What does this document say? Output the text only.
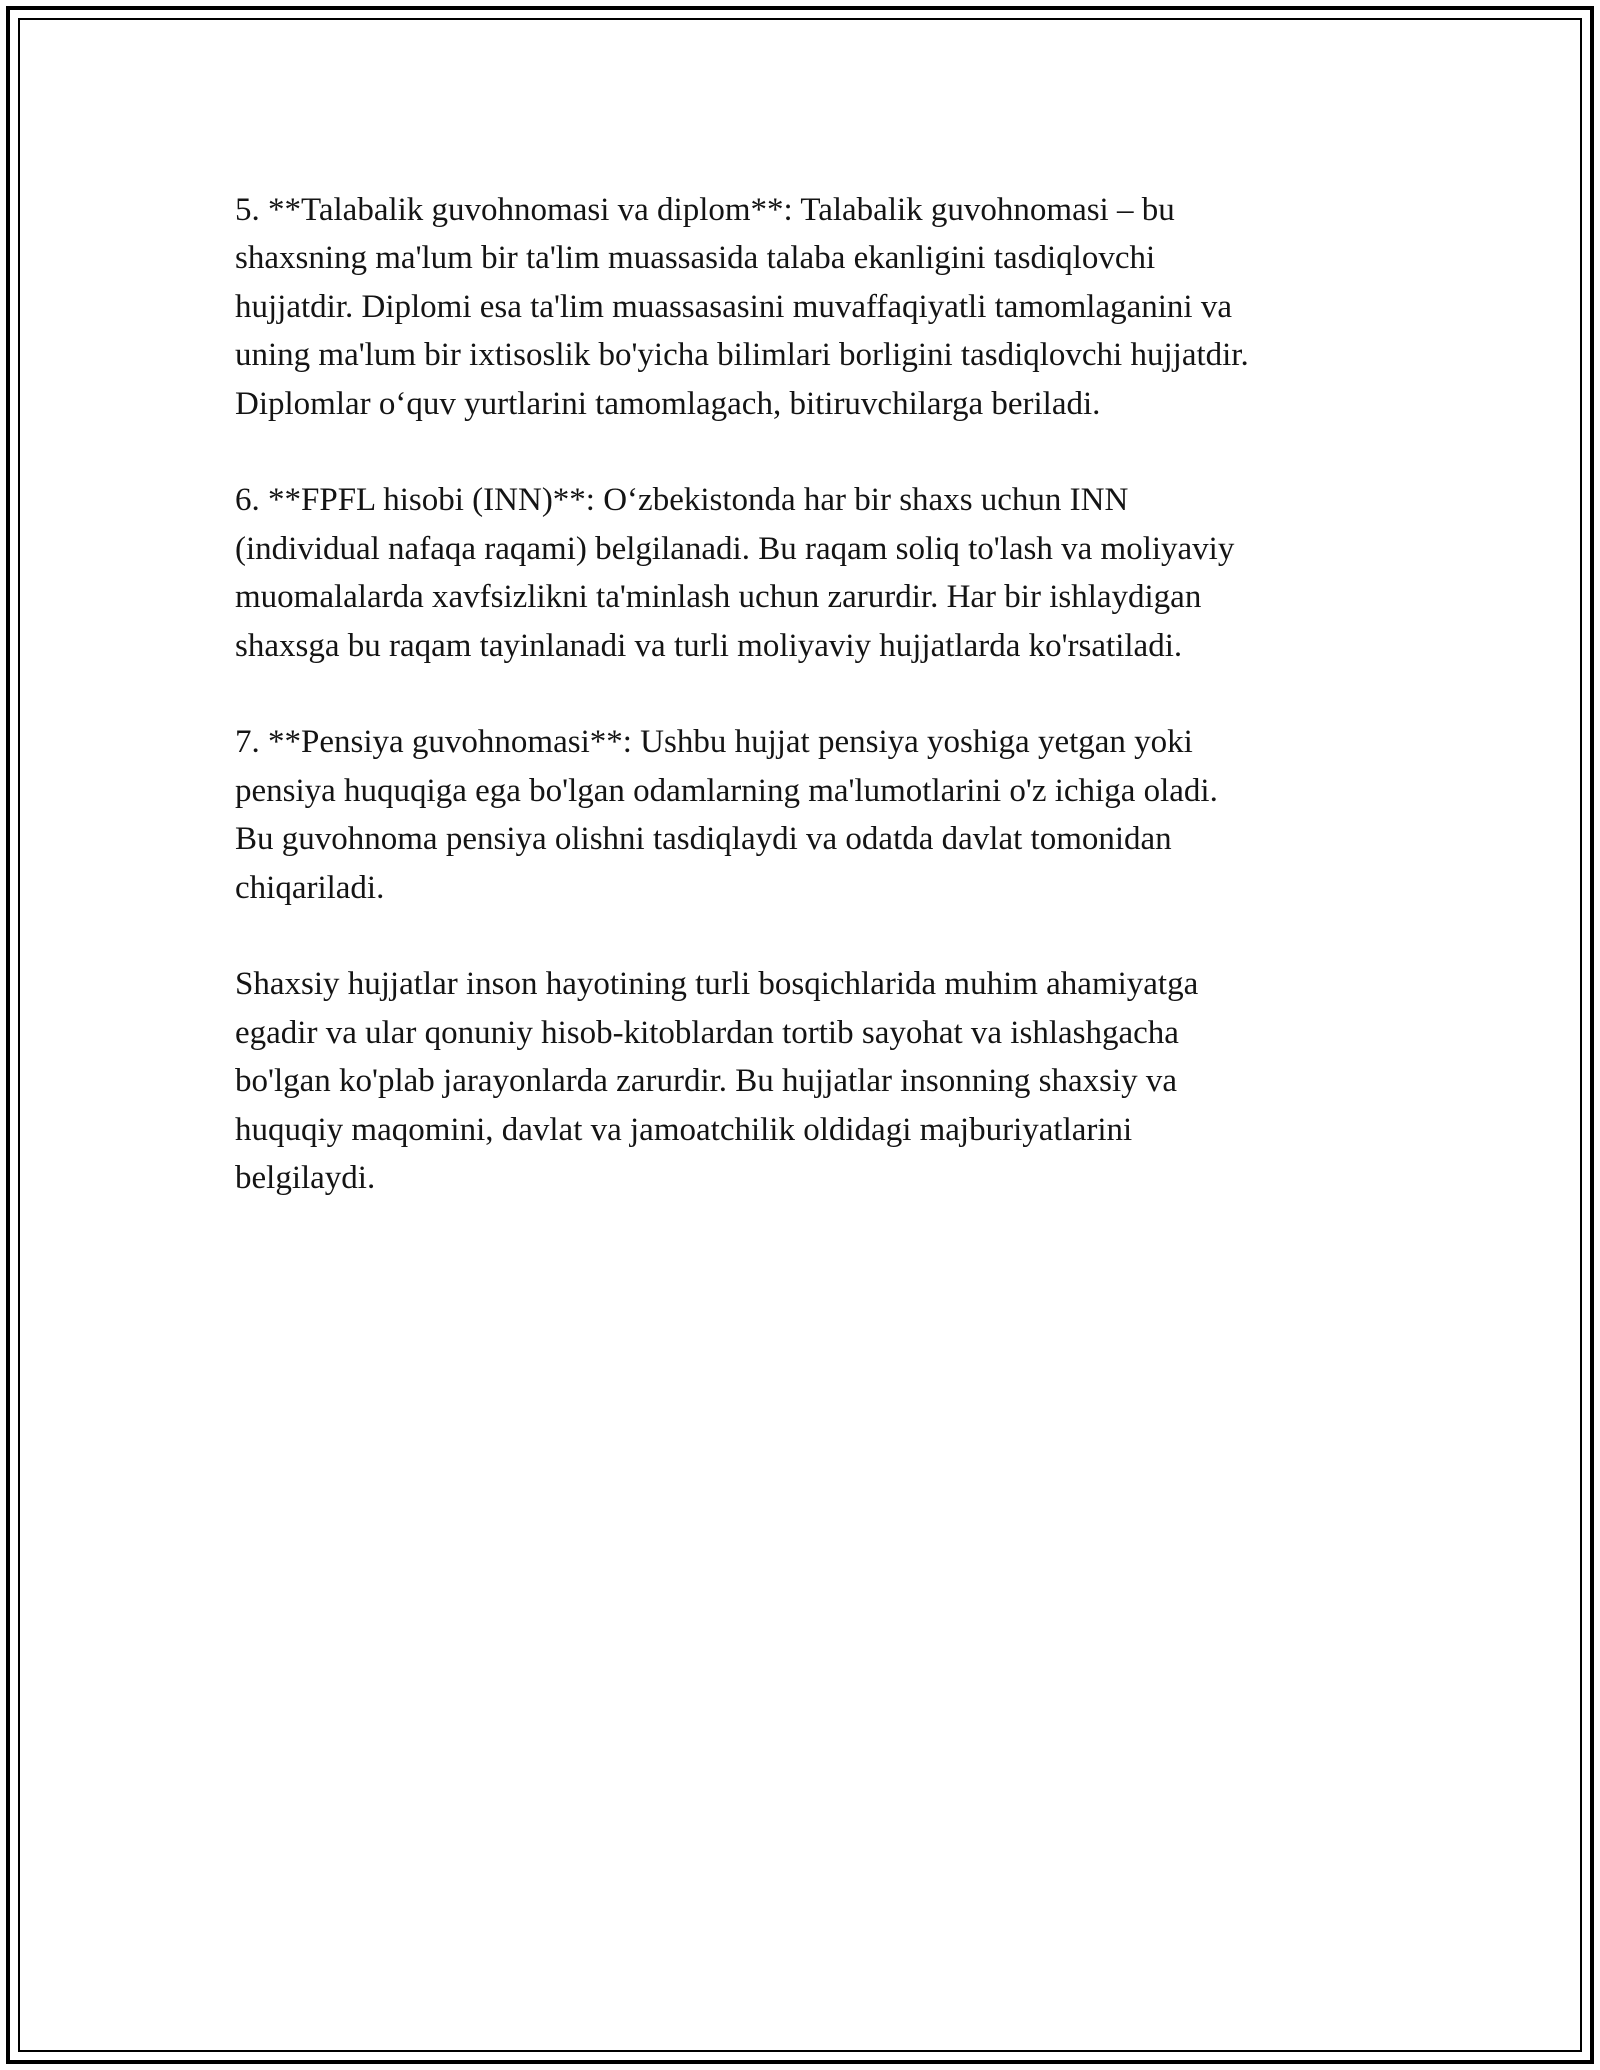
5. **Talabalik guvohnomasi va diplom**: Talabalik guvohnomasi – bu
shaxsning ma'lum bir ta'lim muassasida talaba ekanligini tasdiqlovchi
hujjatdir. Diplomi esa ta'lim muassasasini muvaffaqiyatli tamomlaganini va
uning ma'lum bir ixtisoslik bo'yicha bilimlari borligini tasdiqlovchi hujjatdir.
Diplomlar oʻquv yurtlarini tamomlagach, bitiruvchilarga beriladi.

6. **FPFL hisobi (INN)**: Oʻzbekistonda har bir shaxs uchun INN
(individual nafaqa raqami) belgilanadi. Bu raqam soliq to'lash va moliyaviy
muomalalarda xavfsizlikni ta'minlash uchun zarurdir. Har bir ishlaydigan
shaxsga bu raqam tayinlanadi va turli moliyaviy hujjatlarda ko'rsatiladi.

7. **Pensiya guvohnomasi**: Ushbu hujjat pensiya yoshiga yetgan yoki
pensiya huquqiga ega bo'lgan odamlarning ma'lumotlarini o'z ichiga oladi.
Bu guvohnoma pensiya olishni tasdiqlaydi va odatda davlat tomonidan
chiqariladi.

Shaxsiy hujjatlar inson hayotining turli bosqichlarida muhim ahamiyatga
egadir va ular qonuniy hisob-kitoblardan tortib sayohat va ishlashgacha
bo'lgan ko'plab jarayonlarda zarurdir. Bu hujjatlar insonning shaxsiy va
huquqiy maqomini, davlat va jamoatchilik oldidagi majburiyatlarini
belgilaydi.
